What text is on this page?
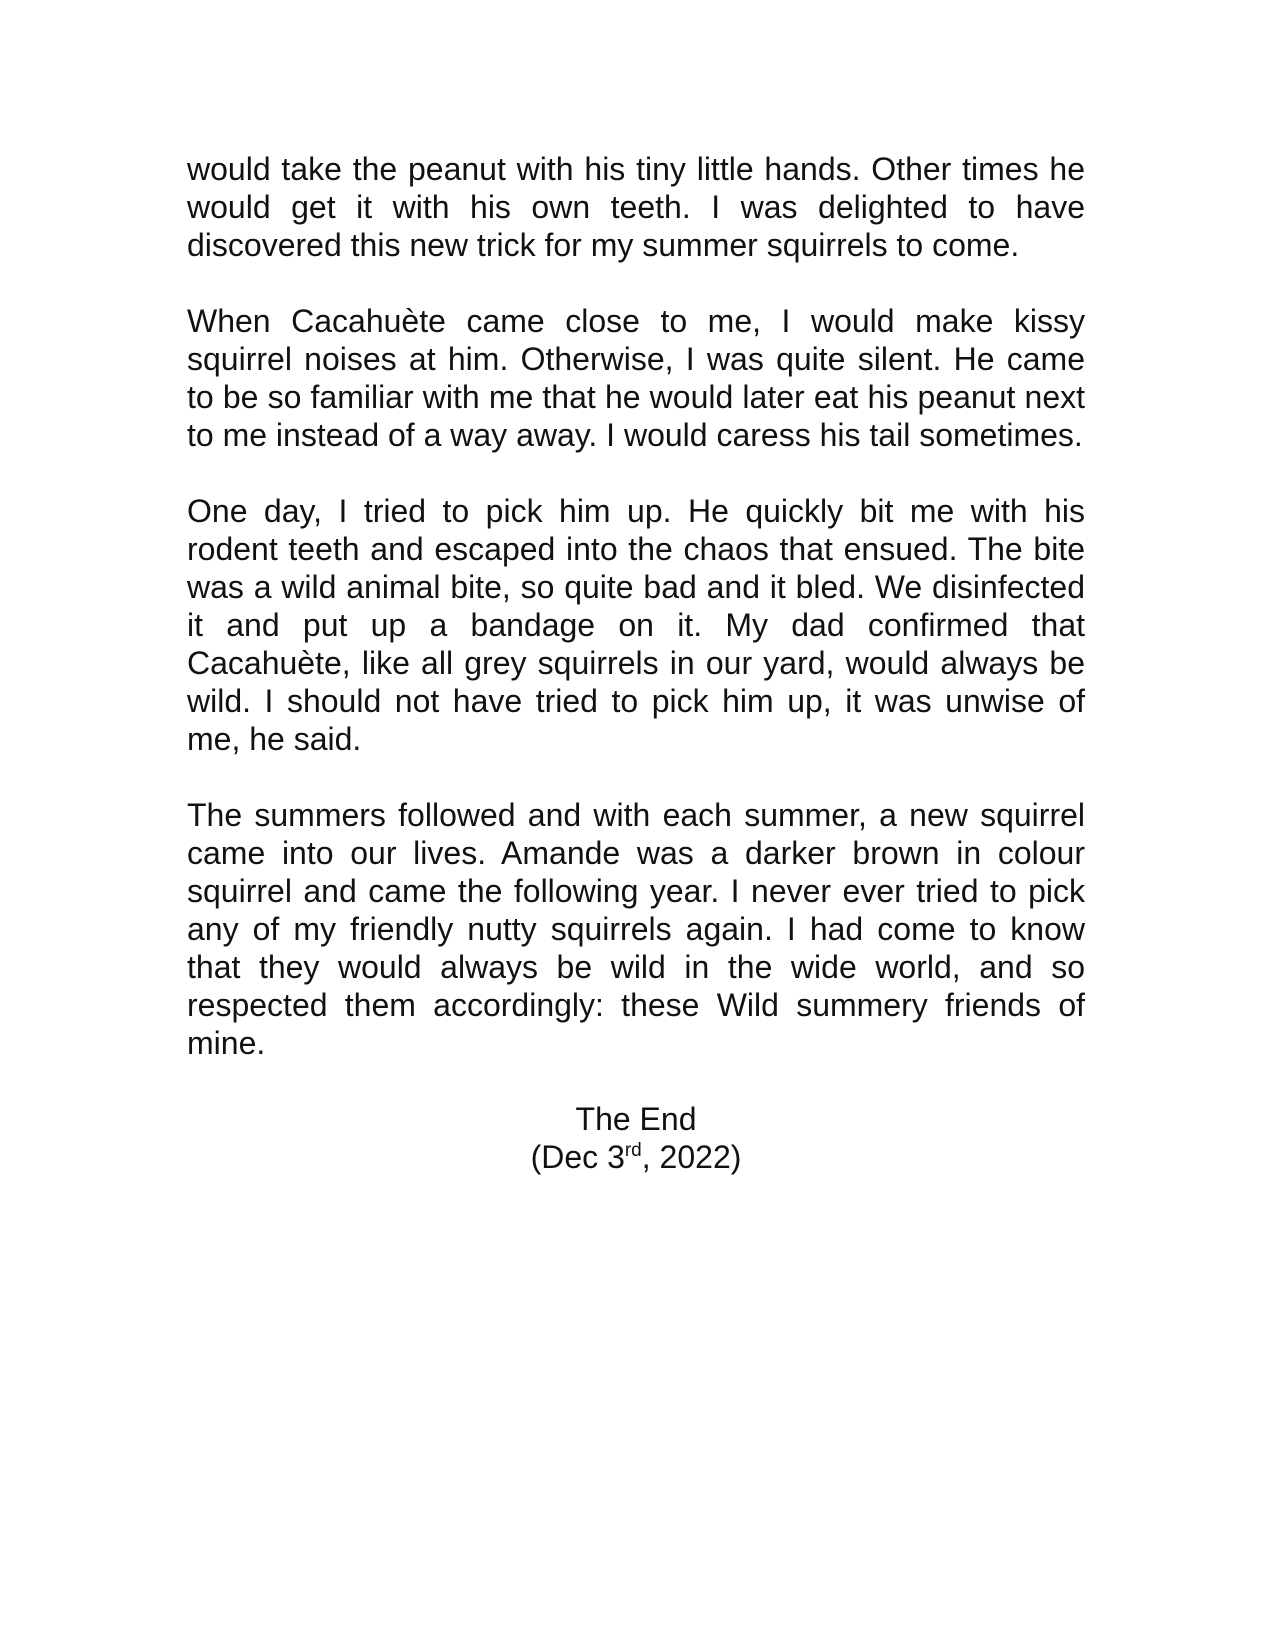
would take the peanut with his tiny little hands. Other times he would get it with his own teeth. I was delighted to have discovered this new trick for my summer squirrels to come.

When Cacahuète came close to me, I would make kissy squirrel noises at him. Otherwise, I was quite silent. He came to be so familiar with me that he would later eat his peanut next to me instead of a way away. I would caress his tail sometimes.

One day, I tried to pick him up. He quickly bit me with his rodent teeth and escaped into the chaos that ensued. The bite was a wild animal bite, so quite bad and it bled. We disinfected it and put up a bandage on it. My dad confirmed that Cacahuète, like all grey squirrels in our yard, would always be wild. I should not have tried to pick him up, it was unwise of me, he said.

The summers followed and with each summer, a new squirrel came into our lives. Amande was a darker brown in colour  squirrel and came the following year. I never ever tried to pick any of my friendly nutty squirrels again. I had come to know that they would always be wild in the wide world, and so respected them accordingly: these Wild summery friends of mine.

The End
(Dec 3rd, 2022)
